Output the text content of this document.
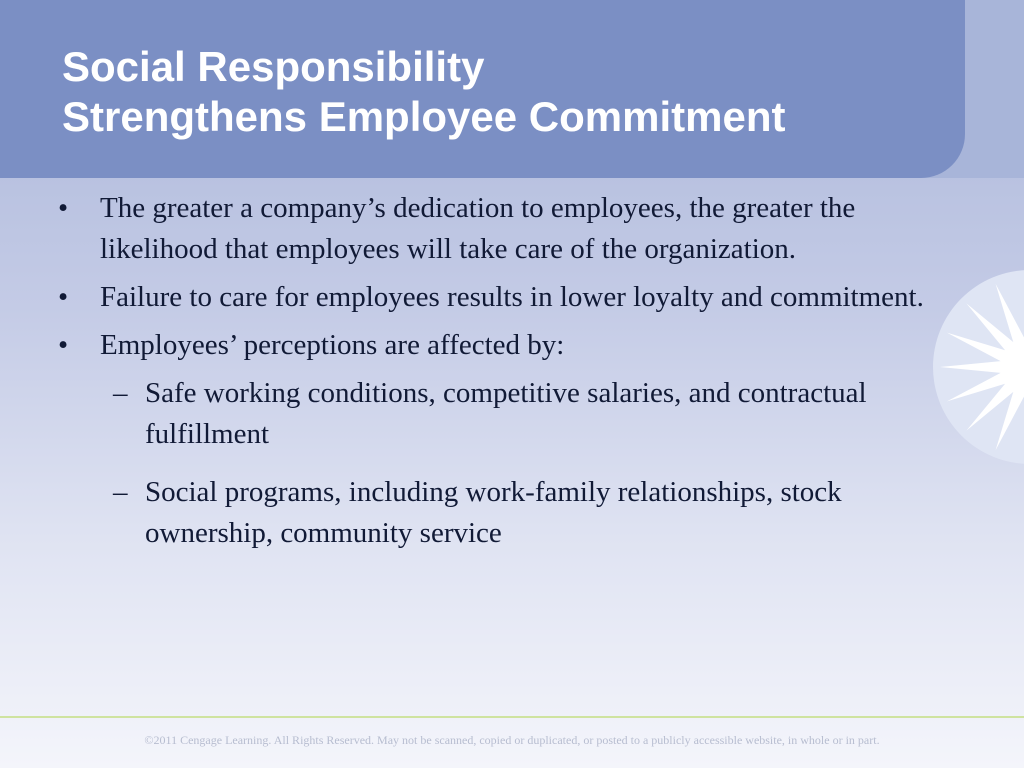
Social Responsibility
Strengthens Employee Commitment
• The greater a company’s dedication to employees, the greater the likelihood that employees will take care of the organization.
• Failure to care for employees results in lower loyalty and commitment.
• Employees’ perceptions are affected by:
– Safe working conditions, competitive salaries, and contractual fulfillment
– Social programs, including work-family relationships, stock ownership, community service
©2011 Cengage Learning. All Rights Reserved. May not be scanned, copied or duplicated, or posted to a publicly accessible website, in whole or in part.
